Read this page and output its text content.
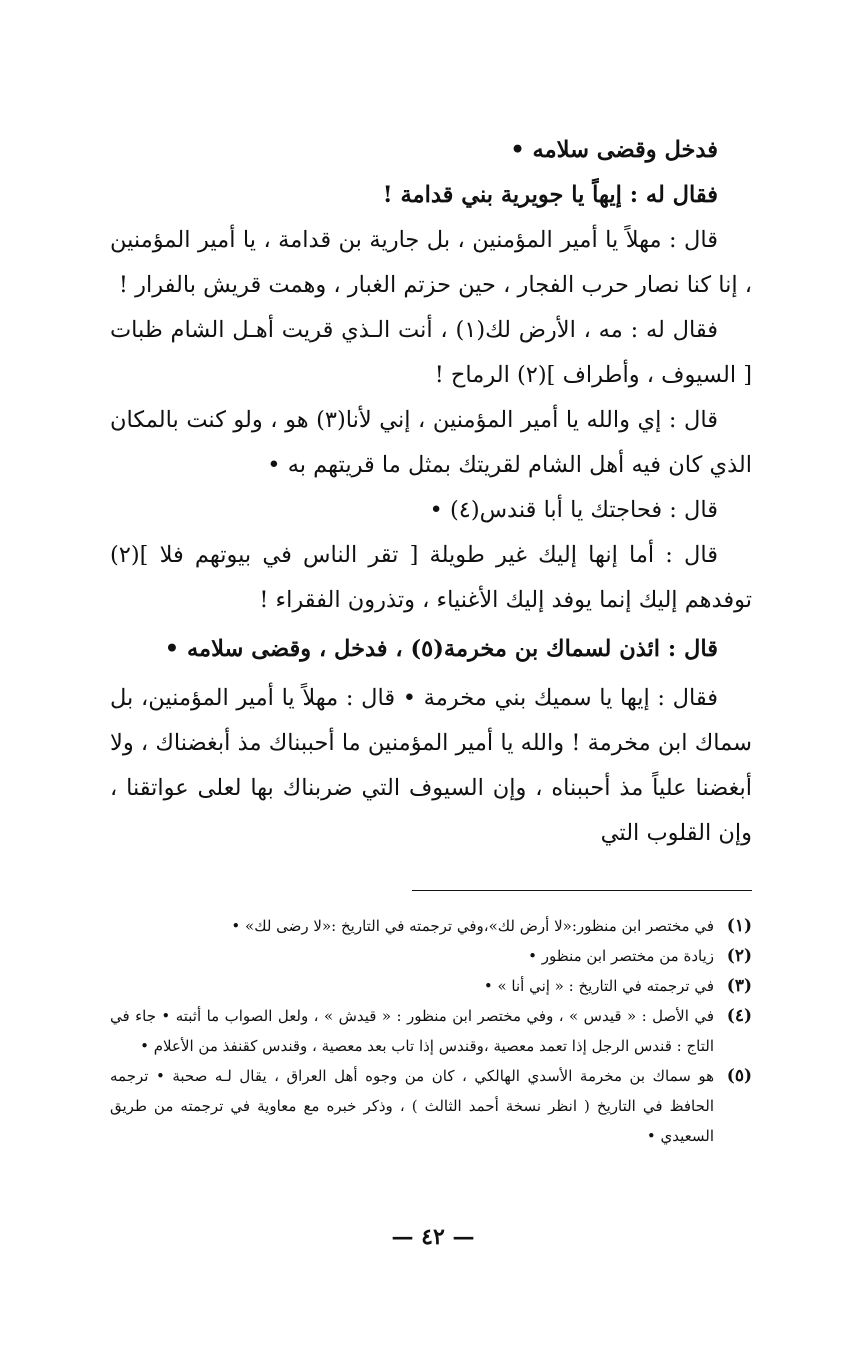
فدخل وقضى سلامه •

فقال له : إيهاً يا جويرية بني قدامة !

قال : مهلاً يا أمير المؤمنين ، بل جارية بن قدامة ، يا أمير المؤمنين ، إنا كنا نصار حرب الفجار ، حين حزتم الغبار ، وهمت قريش بالفرار !

فقال له : مه ، الأرض لك(١) ، أنت الـذي قريت أهـل الشام ظبات [ السيوف ، وأطراف ](٢) الرماح !

قال : إي والله يا أمير المؤمنين ، إني لأنا(٣) هو ، ولو كنت بالمكان الذي كان فيه أهل الشام لقريتك بمثل ما قريتهم به •

قال : فحاجتك يا أبا قندس(٤) •

قال : أما إنها إليك غير طويلة [ تقر الناس في بيوتهم فلا ](٢) توفدهم إليك إنما يوفد إليك الأغنياء ، وتذرون الفقراء !

قال : ائذن لسماك بن مخرمة(٥) ، فدخل ، وقضى سلامه •

فقال : إيها يا سميك بني مخرمة • قال : مهلاً يا أمير المؤمنين، بل سماك ابن مخرمة ! والله يا أمير المؤمنين ما أحببناك مذ أبغضناك ، ولا أبغضنا علياً مذ أحببناه ، وإن السيوف التي ضربناك بها لعلى عواتقنا ، وإن القلوب التي

(١)
في مختصر ابن منظور:«لا أرض لك»،وفي ترجمته في التاريخ :«لا رضى لك» •
(٢)
زيادة من مختصر ابن منظور •
(٣)
في ترجمته في التاريخ : « إني أنا » •
(٤)
في الأصل : « قيدس » ، وفي مختصر ابن منظور : « قيدش » ، ولعل الصواب ما أثبته • جاء في التاج : قندس الرجل إذا تعمد معصية ،وقندس إذا تاب بعد معصية ، وقندس كقنفذ من الأعلام •
(٥)
هو سماك بن مخرمة الأسدي الهالكي ، كان من وجوه أهل العراق ، يقال لـه صحبة • ترجمه الحافظ في التاريخ ( انظر نسخة أحمد الثالث ) ، وذكر خبره مع معاوية في ترجمته من طريق السعيدي •
— ٤٢ —
